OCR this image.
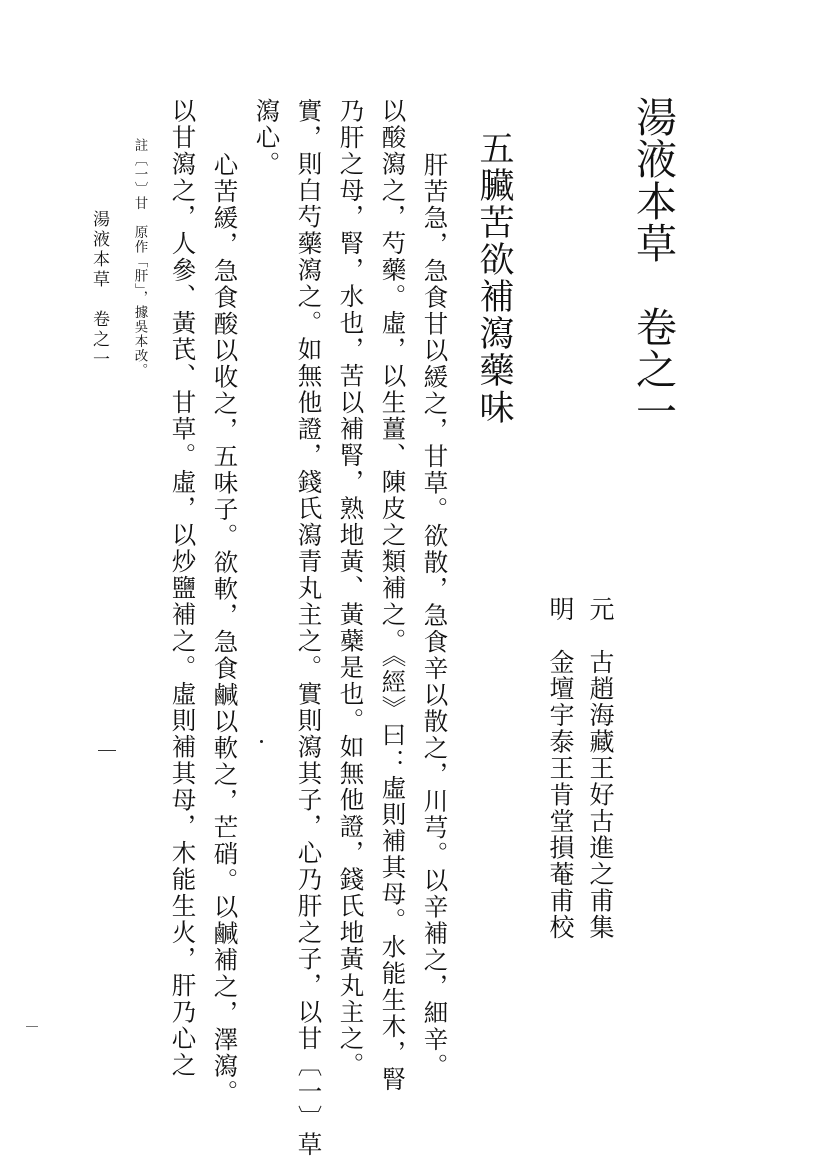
湯液本草　卷之一
元　古趙海藏王好古進之甫集
明　金壇宇泰王肯堂損菴甫校
五臟苦欲補瀉藥味
肝苦急，急食甘以緩之，甘草。欲散，急食辛以散之，川芎。以辛補之，細辛。
以酸瀉之，芍藥。虛，以生薑、陳皮之類補之。《經》曰：虛則補其母。水能生木，腎
乃肝之母，腎，水也，苦以補腎，熟地黃、黃蘗是也。如無他證，錢氏地黃丸主之。
實，則白芍藥瀉之。如無他證，錢氏瀉青丸主之。實則瀉其子，心乃肝之子，以甘〔一〕草
瀉心。
心苦緩，急食酸以收之，五味子。欲軟，急食鹹以軟之，芒硝。以鹹補之，澤瀉。
以甘瀉之，人參、黃芪、甘草。虛，以炒鹽補之。虛則補其母，木能生火，肝乃心之
註〔一〕甘　原作「肝」，據吳本改。
湯液本草　卷之一
